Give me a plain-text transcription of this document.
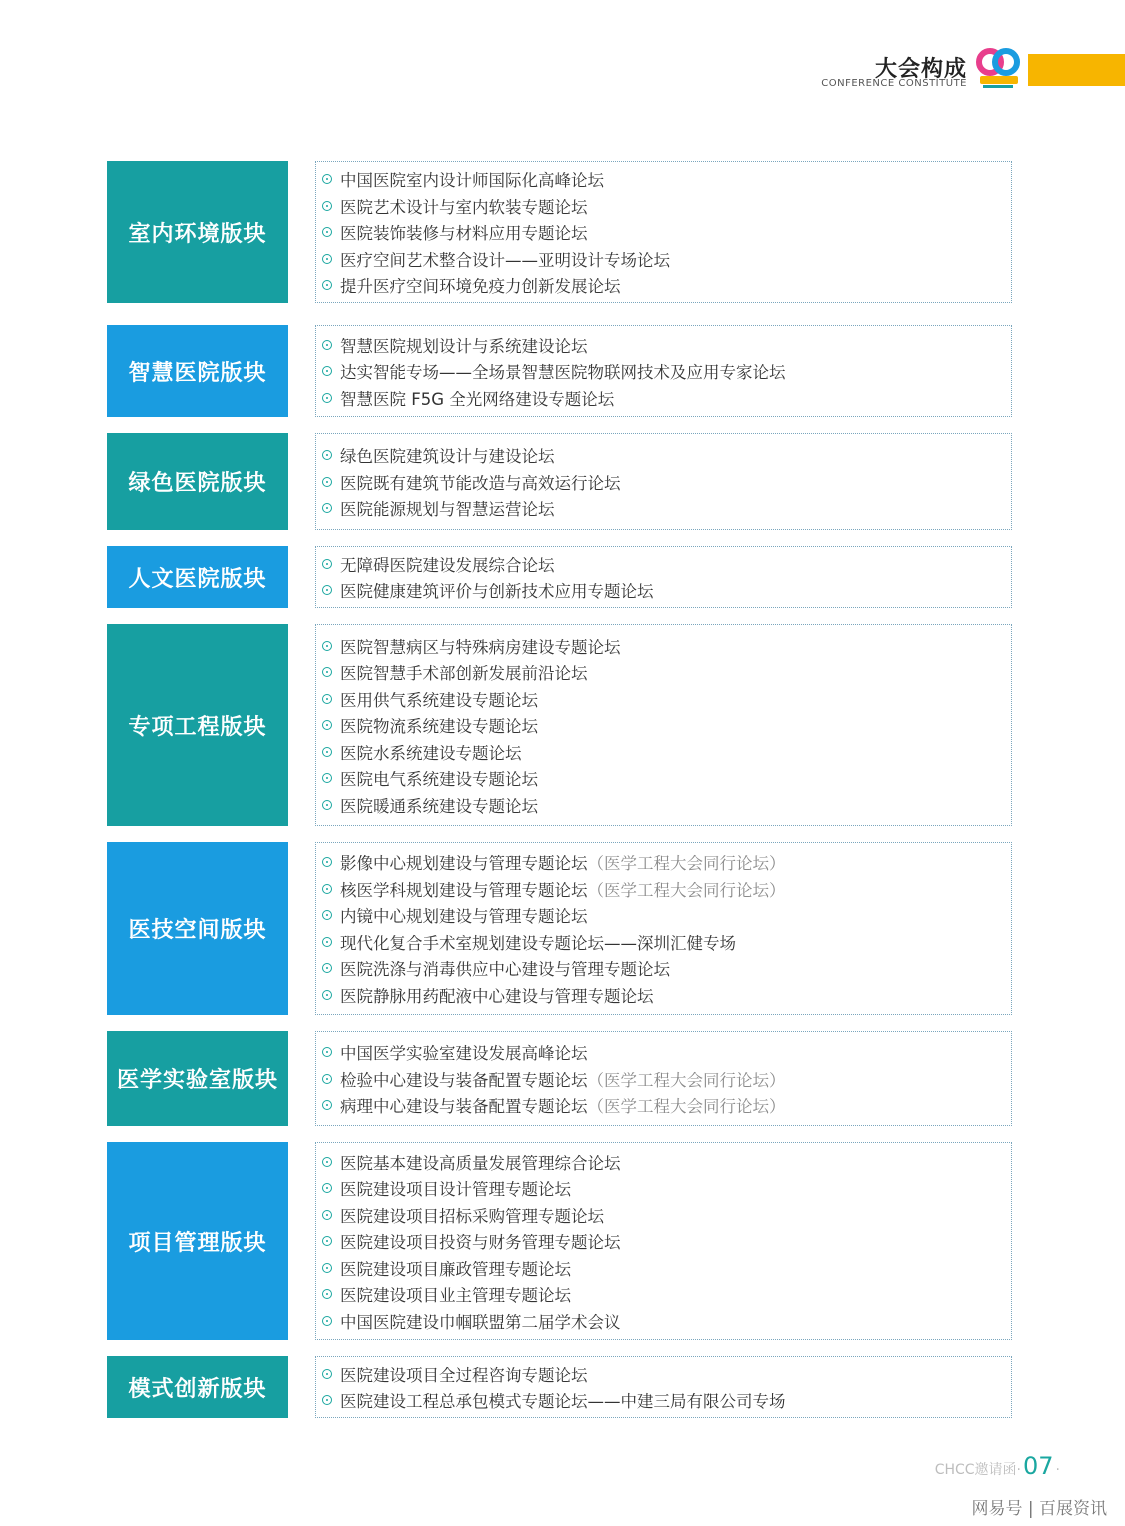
大会构成
CONFERENCE CONSTITUTE
室内环境版块
中国医院室内设计师国际化高峰论坛
医院艺术设计与室内软装专题论坛
医院装饰装修与材料应用专题论坛
医疗空间艺术整合设计——亚明设计专场论坛
提升医疗空间环境免疫力创新发展论坛
智慧医院版块
智慧医院规划设计与系统建设论坛
达实智能专场——全场景智慧医院物联网技术及应用专家论坛
智慧医院 F5G 全光网络建设专题论坛
绿色医院版块
绿色医院建筑设计与建设论坛
医院既有建筑节能改造与高效运行论坛
医院能源规划与智慧运营论坛
人文医院版块
无障碍医院建设发展综合论坛
医院健康建筑评价与创新技术应用专题论坛
专项工程版块
医院智慧病区与特殊病房建设专题论坛
医院智慧手术部创新发展前沿论坛
医用供气系统建设专题论坛
医院物流系统建设专题论坛
医院水系统建设专题论坛
医院电气系统建设专题论坛
医院暖通系统建设专题论坛
医技空间版块
影像中心规划建设与管理专题论坛 （医学工程大会同行论坛）
核医学科规划建设与管理专题论坛 （医学工程大会同行论坛）
内镜中心规划建设与管理专题论坛
现代化复合手术室规划建设专题论坛——深圳汇健专场
医院洗涤与消毒供应中心建设与管理专题论坛
医院静脉用药配液中心建设与管理专题论坛
医学实验室版块
中国医学实验室建设发展高峰论坛
检验中心建设与装备配置专题论坛 （医学工程大会同行论坛）
病理中心建设与装备配置专题论坛 （医学工程大会同行论坛）
项目管理版块
医院基本建设高质量发展管理综合论坛
医院建设项目设计管理专题论坛
医院建设项目招标采购管理专题论坛
医院建设项目投资与财务管理专题论坛
医院建设项目廉政管理专题论坛
医院建设项目业主管理专题论坛
中国医院建设巾帼联盟第二届学术会议
模式创新版块
医院建设项目全过程咨询专题论坛
医院建设工程总承包模式专题论坛——中建三局有限公司专场
CHCC邀请函 · 07 ·
网易号 | 百展资讯
